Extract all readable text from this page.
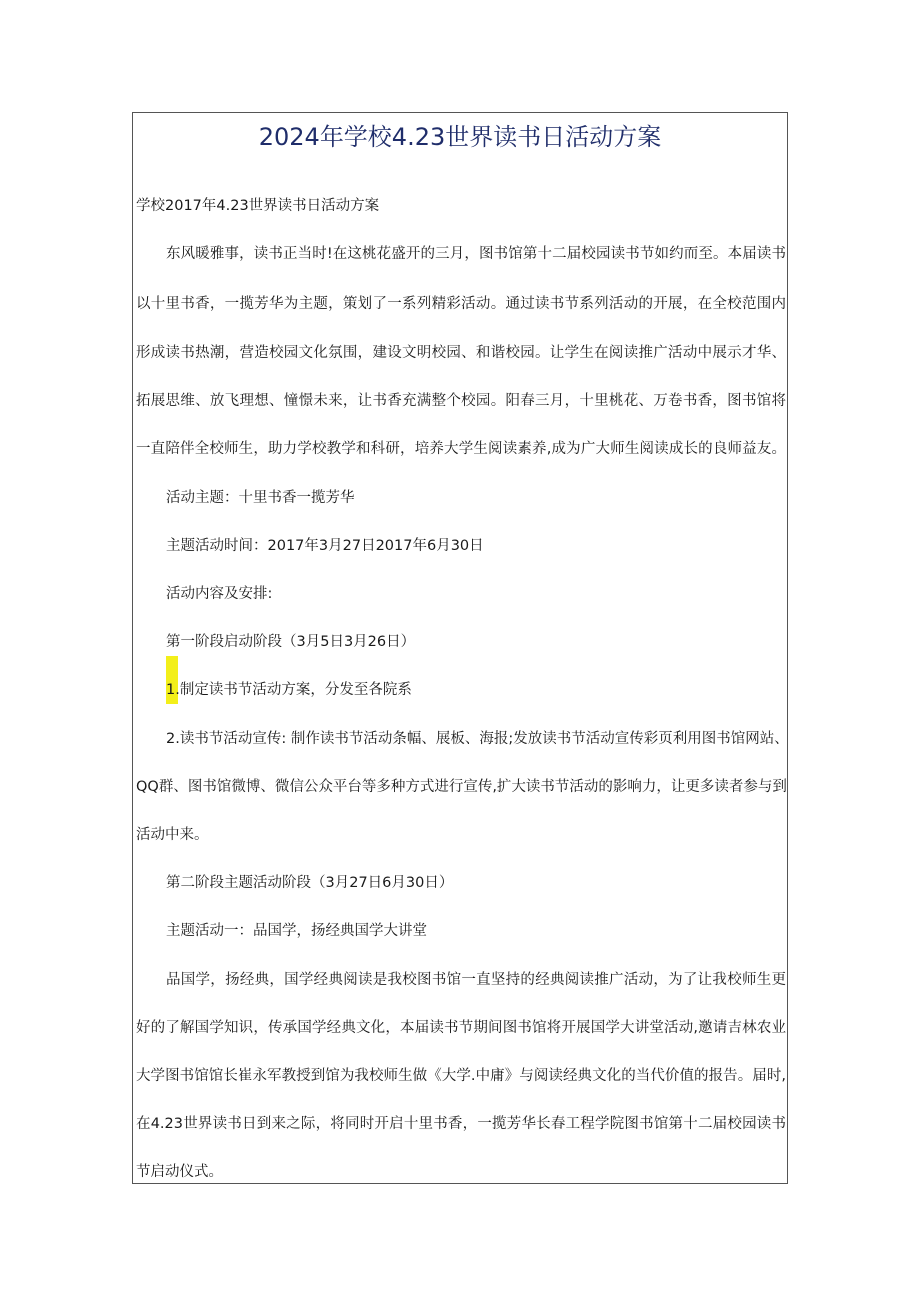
2024年学校4.23世界读书日活动方案
学校2017年4.23世界读书日活动方案
东风暖雅事，读书正当时!在这桃花盛开的三月，图书馆第十二届校园读书节如约而至。本届读书
以十里书香，一揽芳华为主题，策划了一系列精彩活动。通过读书节系列活动的开展，在全校范围内
形成读书热潮，营造校园文化氛围，建设文明校园、和谐校园。让学生在阅读推广活动中展示才华、
拓展思维、放飞理想、憧憬未来，让书香充满整个校园。阳春三月，十里桃花、万卷书香，图书馆将
一直陪伴全校师生，助力学校教学和科研，培养大学生阅读素养,成为广大师生阅读成长的良师益友。
活动主题：十里书香一揽芳华
主题活动时间：2017年3月27日2017年6月30日
活动内容及安排:
第一阶段启动阶段（3月5日3月26日）
1.制定读书节活动方案，分发至各院系
2.读书节活动宣传: 制作读书节活动条幅、展板、海报;发放读书节活动宣传彩页利用图书馆网站、
QQ群、图书馆微博、微信公众平台等多种方式进行宣传,扩大读书节活动的影响力，让更多读者参与到
活动中来。
第二阶段主题活动阶段（3月27日6月30日）
主题活动一：品国学，扬经典国学大讲堂
品国学，扬经典，国学经典阅读是我校图书馆一直坚持的经典阅读推广活动，为了让我校师生更
好的了解国学知识，传承国学经典文化，本届读书节期间图书馆将开展国学大讲堂活动,邀请吉林农业
大学图书馆馆长崔永军教授到馆为我校师生做《大学.中庸》与阅读经典文化的当代价值的报告。届时,
在4.23世界读书日到来之际，将同时开启十里书香，一揽芳华长春工程学院图书馆第十二届校园读书
节启动仪式。
